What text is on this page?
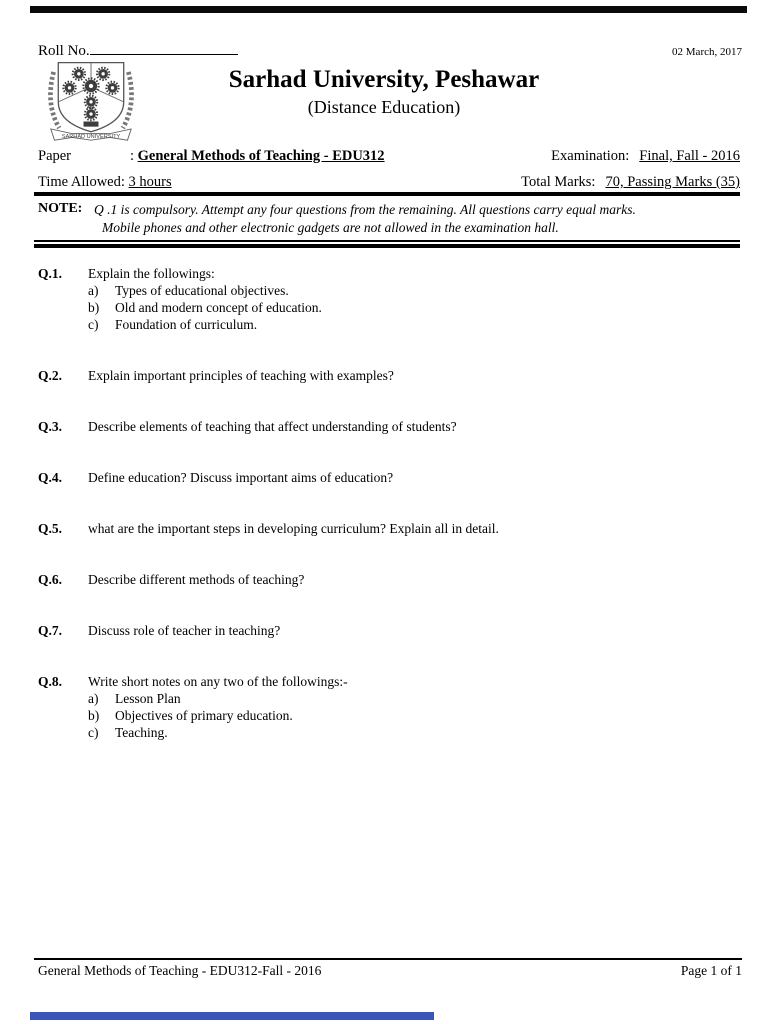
Roll No.	02 March, 2017
SARHAD UNIVERSITY
Sarhad University, Peshawar
(Distance Education)
Paper	: General Methods of Teaching - EDU312	Examination: Final, Fall - 2016
Time Allowed: 3 hours	Total Marks: 70, Passing Marks (35)
NOTE: Q .1 is compulsory. Attempt any four questions from the remaining. All questions carry equal marks.
Mobile phones and other electronic gadgets are not allowed in the examination hall.
Q.1.	Explain the followings:
a)	Types of educational objectives.
b)	Old and modern concept of education.
c)	Foundation of curriculum.
Q.2.	Explain important principles of teaching with examples?
Q.3.	Describe elements of teaching that affect understanding of students?
Q.4.	Define education? Discuss important aims of education?
Q.5.	what are the important steps in developing curriculum? Explain all in detail.
Q.6.	Describe different methods of teaching?
Q.7.	Discuss role of teacher in teaching?
Q.8.	Write short notes on any two of the followings:-
a)	Lesson Plan
b)	Objectives of primary education.
c)	Teaching.
General Methods of Teaching - EDU312-Fall - 2016	Page 1 of 1
